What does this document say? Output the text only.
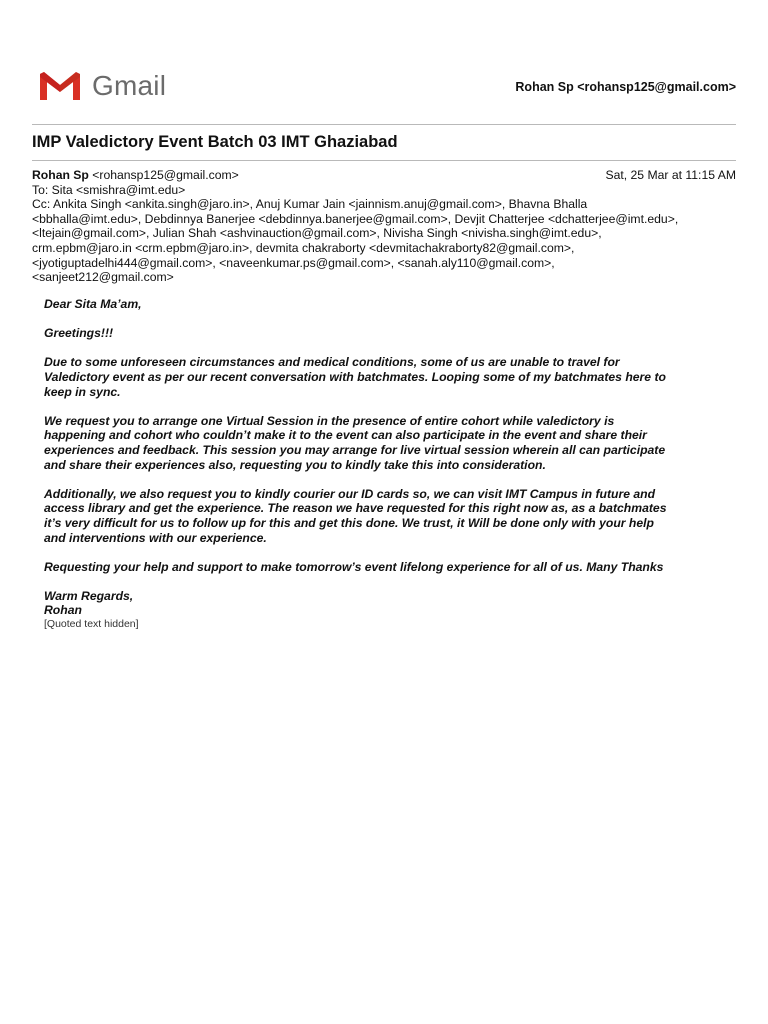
Gmail	Rohan Sp <rohansp125@gmail.com>
IMP Valedictory Event Batch 03 IMT Ghaziabad
Rohan Sp <rohansp125@gmail.com>	Sat, 25 Mar at 11:15 AM
To: Sita <smishra@imt.edu>
Cc: Ankita Singh <ankita.singh@jaro.in>, Anuj Kumar Jain <jainnism.anuj@gmail.com>, Bhavna Bhalla
<bbhalla@imt.edu>, Debdinnya Banerjee <debdinnya.banerjee@gmail.com>, Devjit Chatterjee <dchatterjee@imt.edu>,
<ltejain@gmail.com>, Julian Shah <ashvinauction@gmail.com>, Nivisha Singh <nivisha.singh@imt.edu>,
crm.epbm@jaro.in <crm.epbm@jaro.in>, devmita chakraborty <devmitachakraborty82@gmail.com>,
<jyotiguptadelhi444@gmail.com>, <naveenkumar.ps@gmail.com>, <sanah.aly110@gmail.com>,
<sanjeet212@gmail.com>

Dear Sita Ma’am,

Greetings!!!

Due to some unforeseen circumstances and medical conditions, some of us are unable to travel for
Valedictory event as per our recent conversation with batchmates. Looping some of my batchmates here to
keep in sync.

We request you to arrange one Virtual Session in the presence of entire cohort while valedictory is
happening and cohort who couldn’t make it to the event can also participate in the event and share their
experiences and feedback. This session you may arrange for live virtual session wherein all can participate
and share their experiences also, requesting you to kindly take this into consideration.

Additionally, we also request you to kindly courier our ID cards so, we can visit IMT Campus in future and
access library and get the experience. The reason we have requested for this right now as, as a batchmates
it’s very difficult for us to follow up for this and get this done. We trust, it Will be done only with your help
and interventions with our experience.

Requesting your help and support to make tomorrow’s event lifelong experience for all of us. Many Thanks

Warm Regards,
Rohan
[Quoted text hidden]
